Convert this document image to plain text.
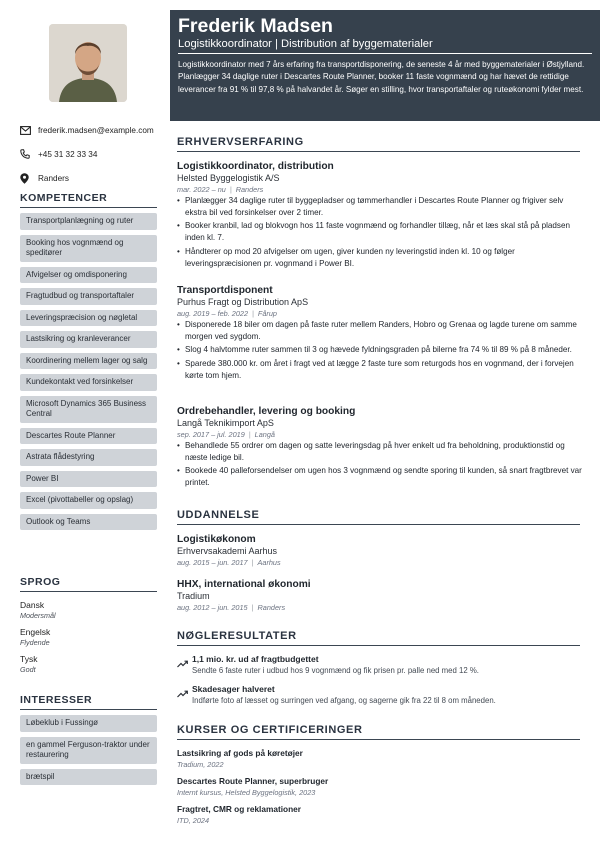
frederik.madsen@example.com
+45 31 32 33 34
Randers
KOMPETENCER
Transportplanlægning og ruter
Booking hos vognmænd og speditører
Afvigelser og omdisponering
Fragtudbud og transportaftaler
Leveringspræcision og nøgletal
Lastsikring og kranleverancer
Koordinering mellem lager og salg
Kundekontakt ved forsinkelser
Microsoft Dynamics 365 Business Central
Descartes Route Planner
Astrata flådestyring
Power BI
Excel (pivottabeller og opslag)
Outlook og Teams
SPROG
Dansk
Modersmål
Engelsk
Flydende
Tysk
Godt
INTERESSER
Løbeklub i Fussingø
en gammel Ferguson-traktor under restaurering
brætspil
Frederik Madsen
Logistikkoordinator | Distribution af byggematerialer
Logistikkoordinator med 7 års erfaring fra transportdisponering, de seneste 4 år med byggematerialer i Østjylland. Planlægger 34 daglige ruter i Descartes Route Planner, booker 11 faste vognmænd og har hævet de rettidige leverancer fra 91 % til 97,8 % på halvandet år. Søger en stilling, hvor transportaftaler og ruteøkonomi fylder mest.
ERHVERVSERFARING
Logistikkoordinator, distribution
Helsted Byggelogistik A/S
mar. 2022 – nu | Randers
• Planlægger 34 daglige ruter til byggepladser og tømmerhandler i Descartes Route Planner og frigiver selv ekstra bil ved forsinkelser over 2 timer.
• Booker kranbil, lad og blokvogn hos 11 faste vognmænd og forhandler tillæg, når et læs skal stå på pladsen inden kl. 7.
• Håndterer op mod 20 afvigelser om ugen, giver kunden ny leveringstid inden kl. 10 og følger leveringspræcisionen pr. vognmand i Power BI.
Transportdisponent
Purhus Fragt og Distribution ApS
aug. 2019 – feb. 2022 | Fårup
• Disponerede 18 biler om dagen på faste ruter mellem Randers, Hobro og Grenaa og lagde turene om samme morgen ved sygdom.
• Slog 4 halvtomme ruter sammen til 3 og hævede fyldningsgraden på bilerne fra 74 % til 89 % på 8 måneder.
• Sparede 380.000 kr. om året i fragt ved at lægge 2 faste ture som returgods hos en vognmand, der i forvejen kørte tom hjem.
Ordrebehandler, levering og booking
Langå Teknikimport ApS
sep. 2017 – jul. 2019 | Langå
• Behandlede 55 ordrer om dagen og satte leveringsdag på hver enkelt ud fra beholdning, produktionstid og næste ledige bil.
• Bookede 40 palleforsendelser om ugen hos 3 vognmænd og sendte sporing til kunden, så snart fragtbrevet var printet.
UDDANNELSE
Logistikøkonom
Erhvervsakademi Aarhus
aug. 2015 – jun. 2017 | Aarhus
HHX, international økonomi
Tradium
aug. 2012 – jun. 2015 | Randers
NØGLERESULTATER
1,1 mio. kr. ud af fragtbudgettet
Sendte 6 faste ruter i udbud hos 9 vognmænd og fik prisen pr. palle ned med 12 %.
Skadesager halveret
Indførte foto af læsset og surringen ved afgang, og sagerne gik fra 22 til 8 om måneden.
KURSER OG CERTIFICERINGER
Lastsikring af gods på køretøjer
Tradium, 2022
Descartes Route Planner, superbruger
Internt kursus, Helsted Byggelogistik, 2023
Fragtret, CMR og reklamationer
ITD, 2024
